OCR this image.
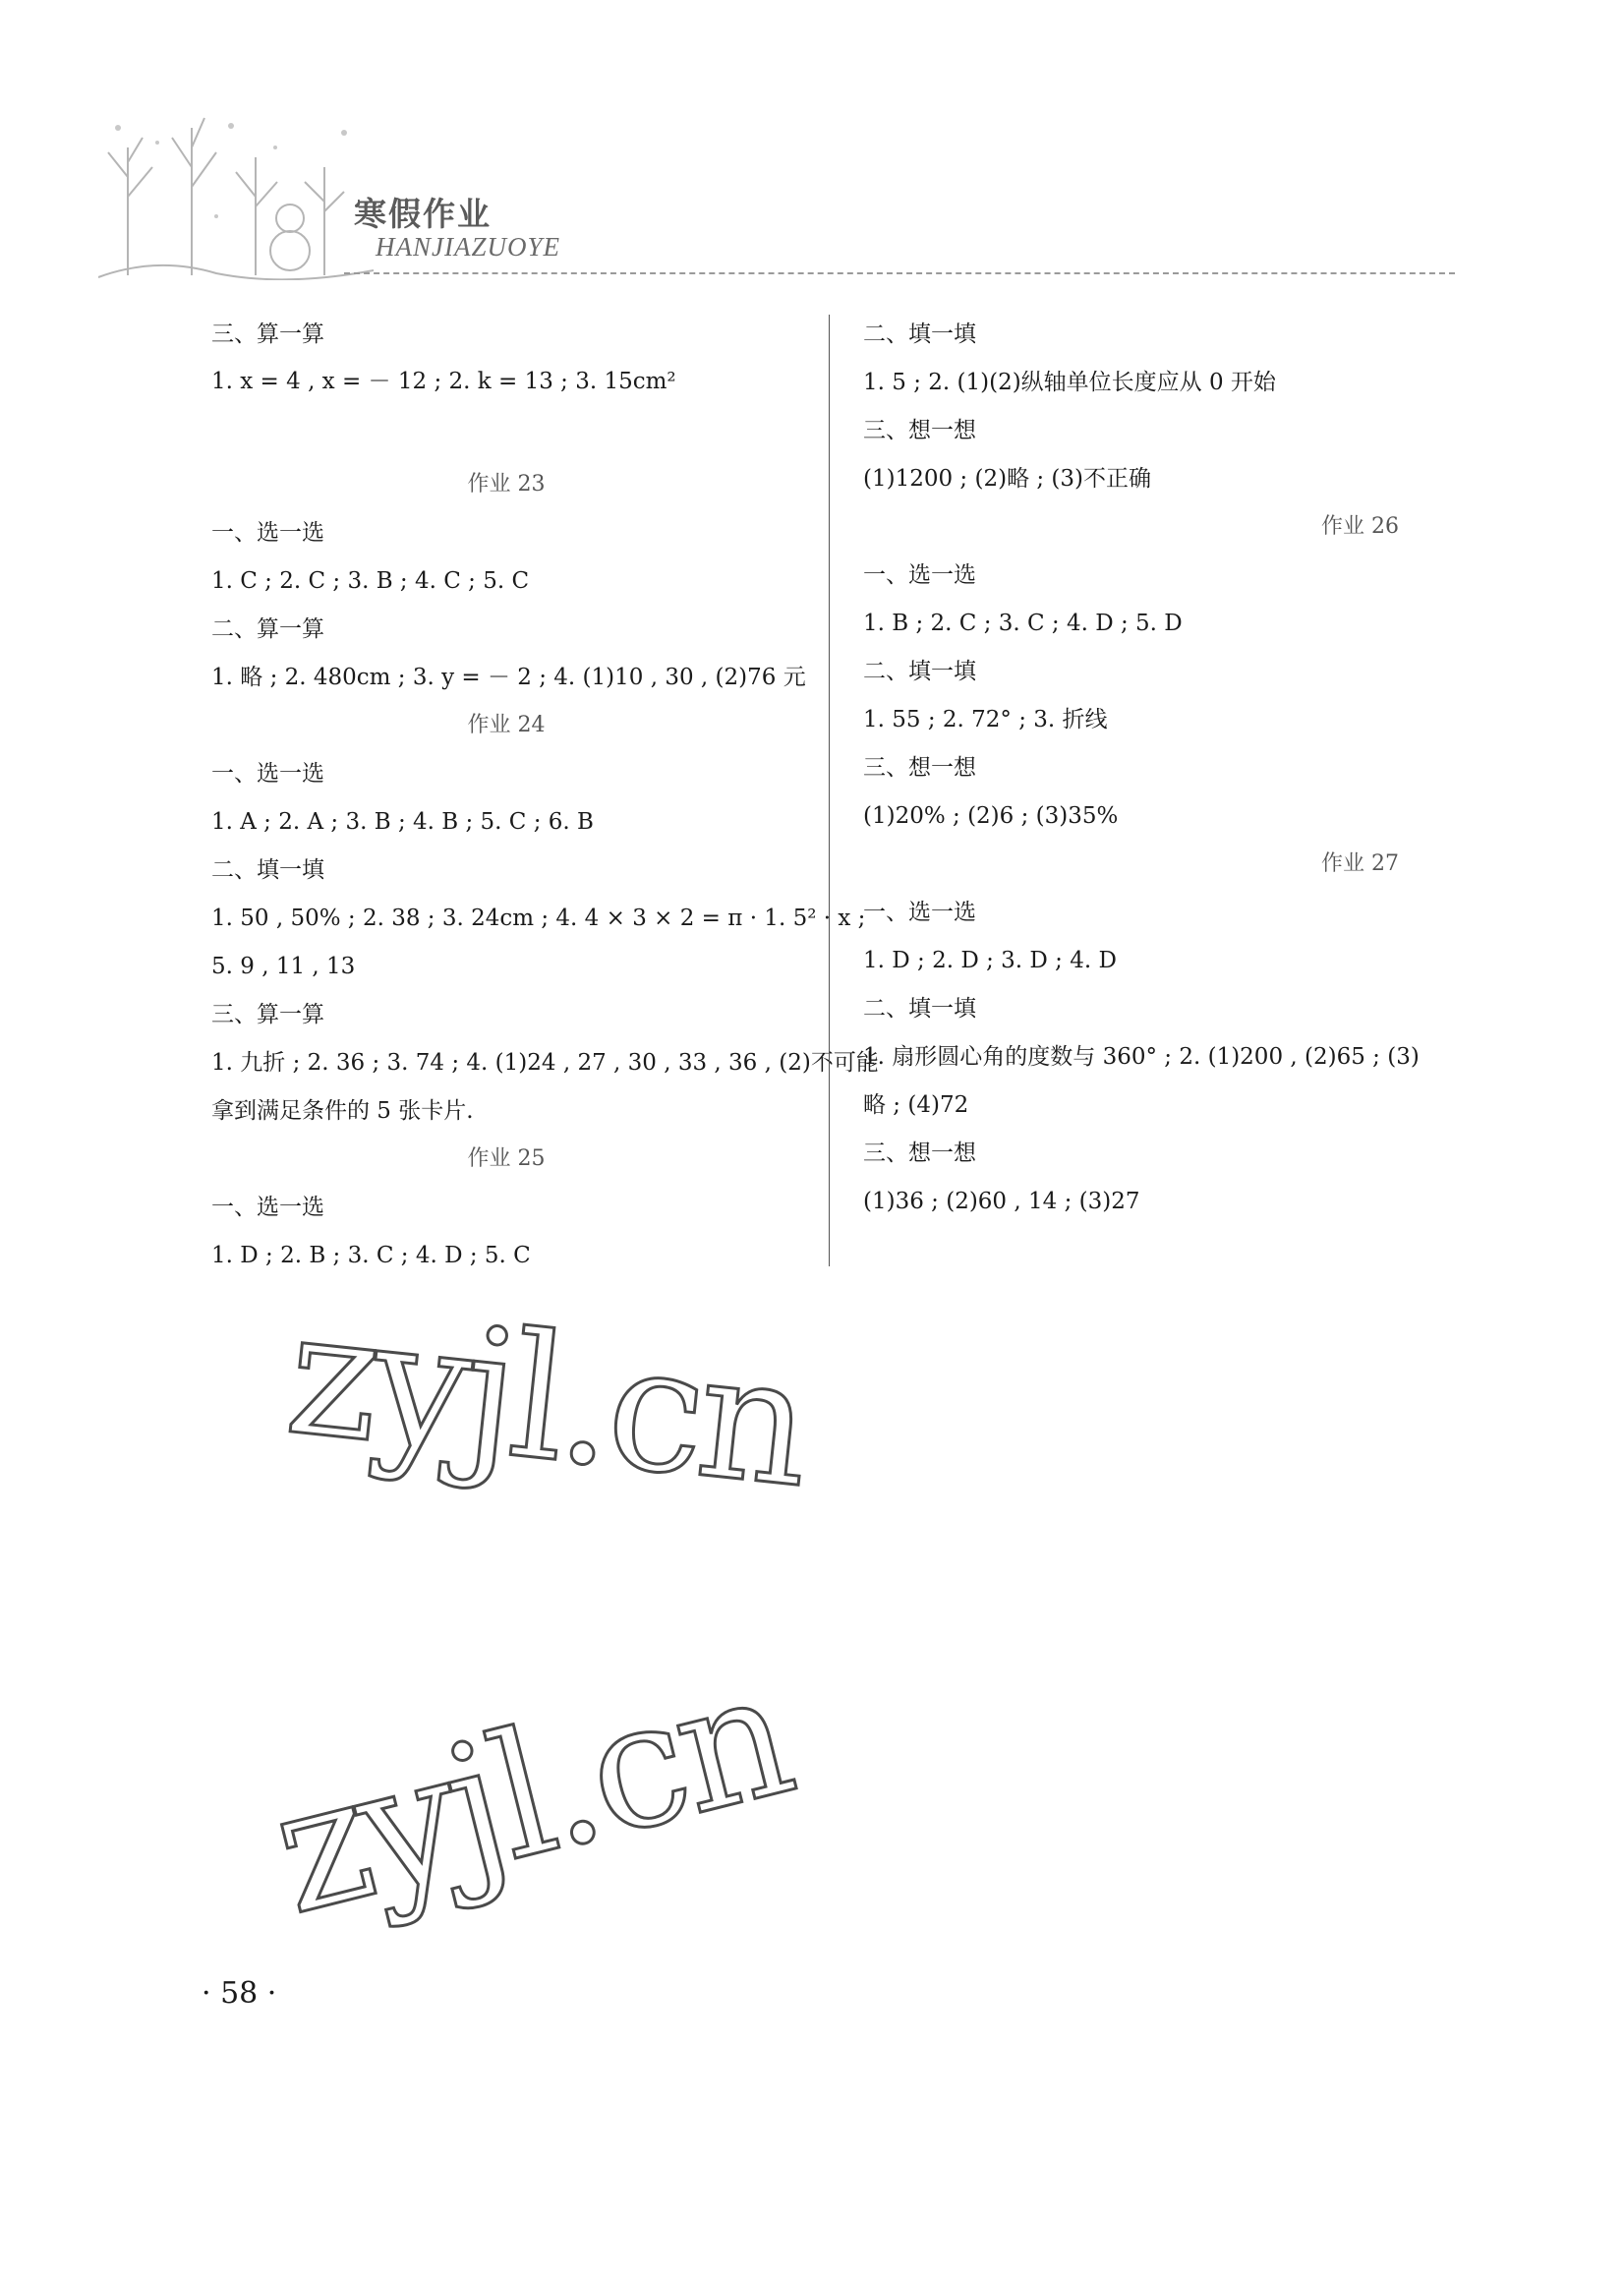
寒假作业
HANJIAZUOYE
三、算一算
1. x = 4 , x = － 12 ; 2. k = 13 ; 3. 15cm²
作业 23
一、选一选
1. C ; 2. C ; 3. B ; 4. C ; 5. C
二、算一算
1. 略 ; 2. 480cm ; 3. y = － 2 ; 4. (1)10 , 30 , (2)76 元
作业 24
一、选一选
1. A ; 2. A ; 3. B ; 4. B ; 5. C ; 6. B
二、填一填
1. 50 , 50% ; 2. 38 ; 3. 24cm ; 4. 4 × 3 × 2 = π · 1. 5² · x ;
5. 9 , 11 , 13
三、算一算
1. 九折 ; 2. 36 ; 3. 74 ; 4. (1)24 , 27 , 30 , 33 , 36 , (2)不可能
拿到满足条件的 5 张卡片.
作业 25
一、选一选
1. D ; 2. B ; 3. C ; 4. D ; 5. C
二、填一填
1. 5 ; 2. (1)(2)纵轴单位长度应从 0 开始
三、想一想
(1)1200 ; (2)略 ; (3)不正确
作业 26
一、选一选
1. B ; 2. C ; 3. C ; 4. D ; 5. D
二、填一填
1. 55 ; 2. 72° ; 3. 折线
三、想一想
(1)20% ; (2)6 ; (3)35%
作业 27
一、选一选
1. D ; 2. D ; 3. D ; 4. D
二、填一填
1. 扇形圆心角的度数与 360° ; 2. (1)200 , (2)65 ; (3)
略 ; (4)72
三、想一想
(1)36 ; (2)60 , 14 ; (3)27
zyjl.cn
zyjl.cn
· 58 ·
